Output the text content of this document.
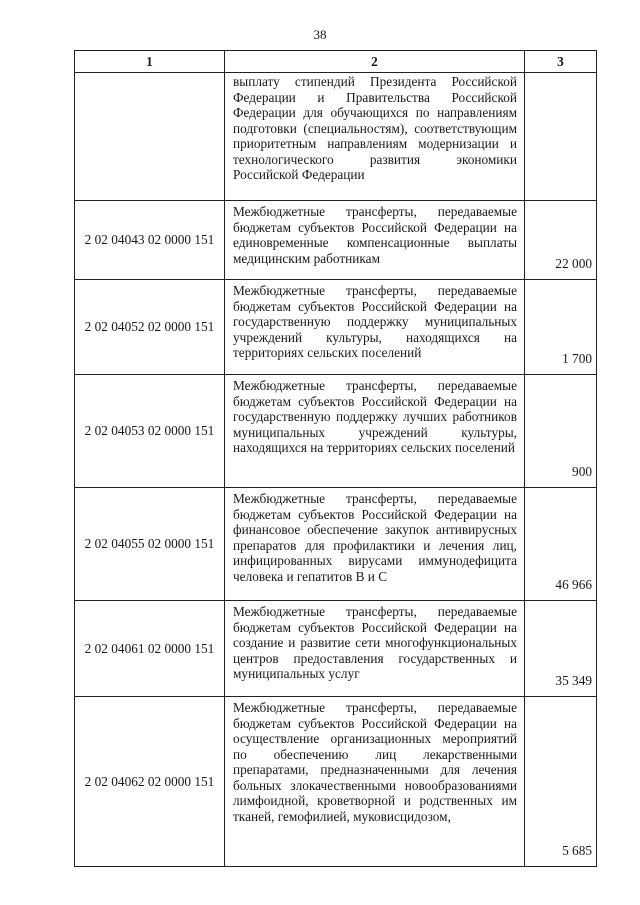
38
1	2	3
	выплату стипендий Президента Российской Федерации и Правительства Российской Федерации для обучающихся по направлениям подготовки (специальностям), соответствующим приоритетным направлениям модернизации и технологического развития экономики Российской Федерации	
2 02 04043 02 0000 151	Межбюджетные трансферты, передаваемые бюджетам субъектов Российской Федерации на единовременные компенсационные выплаты медицинским работникам	22 000
2 02 04052 02 0000 151	Межбюджетные трансферты, передаваемые бюджетам субъектов Российской Федерации на государственную поддержку муниципальных учреждений культуры, находящихся на территориях сельских поселений	1 700
2 02 04053 02 0000 151	Межбюджетные трансферты, передаваемые бюджетам субъектов Российской Федерации на государственную поддержку лучших работников муниципальных учреждений культуры, находящихся на территориях сельских поселений	900
2 02 04055 02 0000 151	Межбюджетные трансферты, передаваемые бюджетам субъектов Российской Федерации на финансовое обеспечение закупок антивирусных препаратов для профилактики и лечения лиц, инфицированных вирусами иммунодефицита человека и гепатитов В и С	46 966
2 02 04061 02 0000 151	Межбюджетные трансферты, передаваемые бюджетам субъектов Российской Федерации на создание и развитие сети многофункциональных центров предоставления государственных и муниципальных услуг	35 349
2 02 04062 02 0000 151	Межбюджетные трансферты, передаваемые бюджетам субъектов Российской Федерации на осуществление организационных мероприятий по обеспечению лиц лекарственными препаратами, предназначенными для лечения больных злокачественными новообразованиями лимфоидной, кроветворной и родственных им тканей, гемофилией, муковисцидозом,	5 685
